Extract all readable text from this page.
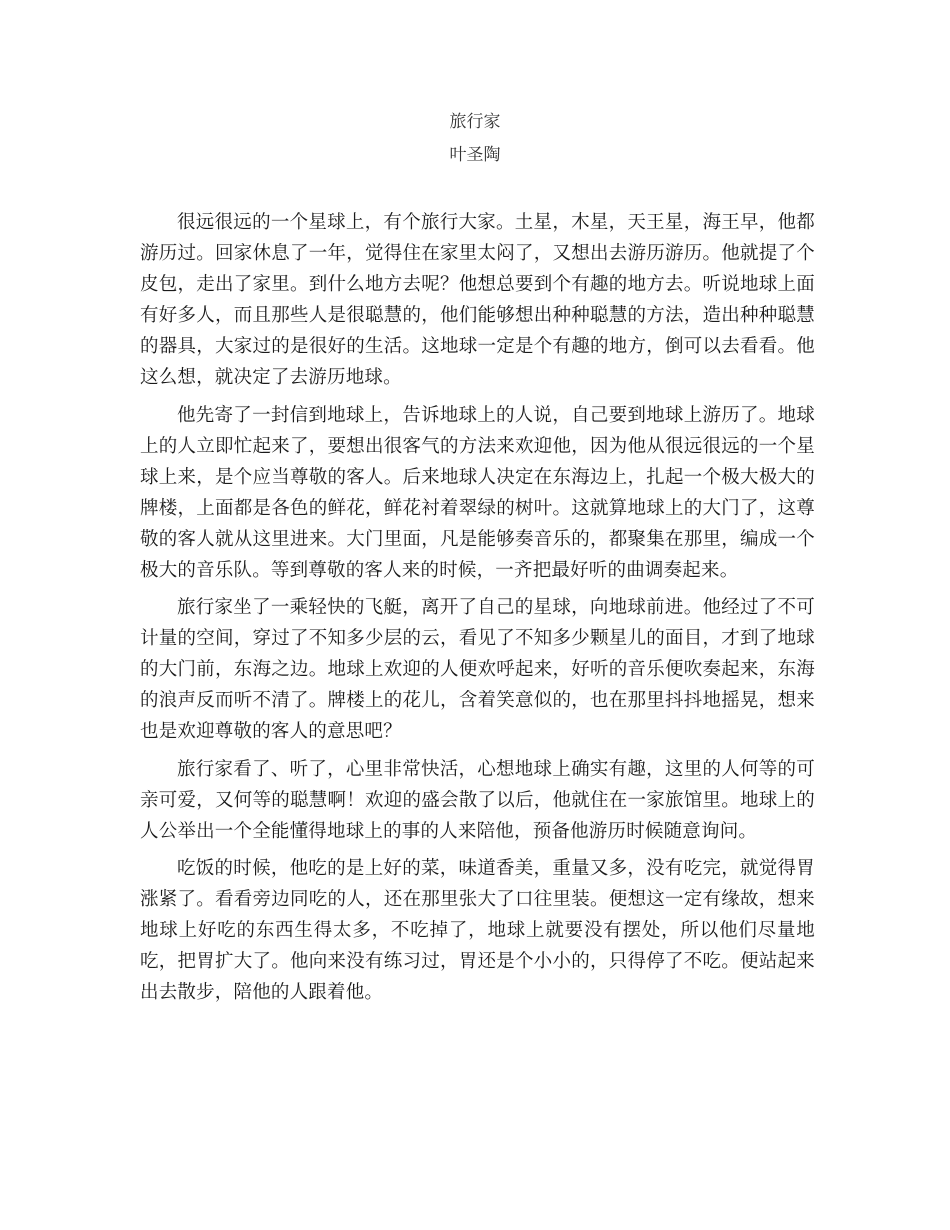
旅行家
叶圣陶

很远很远的一个星球上，有个旅行大家。土星，木星，天王星，海王早，他都游历过。回家休息了一年，觉得住在家里太闷了，又想出去游历游历。他就提了个皮包，走出了家里。到什么地方去呢？他想总要到个有趣的地方去。听说地球上面有好多人，而且那些人是很聪慧的，他们能够想出种种聪慧的方法，造出种种聪慧的器具，大家过的是很好的生活。这地球一定是个有趣的地方，倒可以去看看。他这么想，就决定了去游历地球。

他先寄了一封信到地球上，告诉地球上的人说，自己要到地球上游历了。地球上的人立即忙起来了，要想出很客气的方法来欢迎他，因为他从很远很远的一个星球上来，是个应当尊敬的客人。后来地球人决定在东海边上，扎起一个极大极大的牌楼，上面都是各色的鲜花，鲜花衬着翠绿的树叶。这就算地球上的大门了，这尊敬的客人就从这里进来。大门里面，凡是能够奏音乐的，都聚集在那里，编成一个极大的音乐队。等到尊敬的客人来的时候，一齐把最好听的曲调奏起来。

旅行家坐了一乘轻快的飞艇，离开了自己的星球，向地球前进。他经过了不可计量的空间，穿过了不知多少层的云，看见了不知多少颗星儿的面目，才到了地球的大门前，东海之边。地球上欢迎的人便欢呼起来，好听的音乐便吹奏起来，东海的浪声反而听不清了。牌楼上的花儿，含着笑意似的，也在那里抖抖地摇晃，想来也是欢迎尊敬的客人的意思吧？

旅行家看了、听了，心里非常快活，心想地球上确实有趣，这里的人何等的可亲可爱，又何等的聪慧啊！欢迎的盛会散了以后，他就住在一家旅馆里。地球上的人公举出一个全能懂得地球上的事的人来陪他，预备他游历时候随意询问。

吃饭的时候，他吃的是上好的菜，味道香美，重量又多，没有吃完，就觉得胃涨紧了。看看旁边同吃的人，还在那里张大了口往里装。便想这一定有缘故，想来地球上好吃的东西生得太多，不吃掉了，地球上就要没有摆处，所以他们尽量地吃，把胃扩大了。他向来没有练习过，胃还是个小小的，只得停了不吃。便站起来出去散步，陪他的人跟着他。
